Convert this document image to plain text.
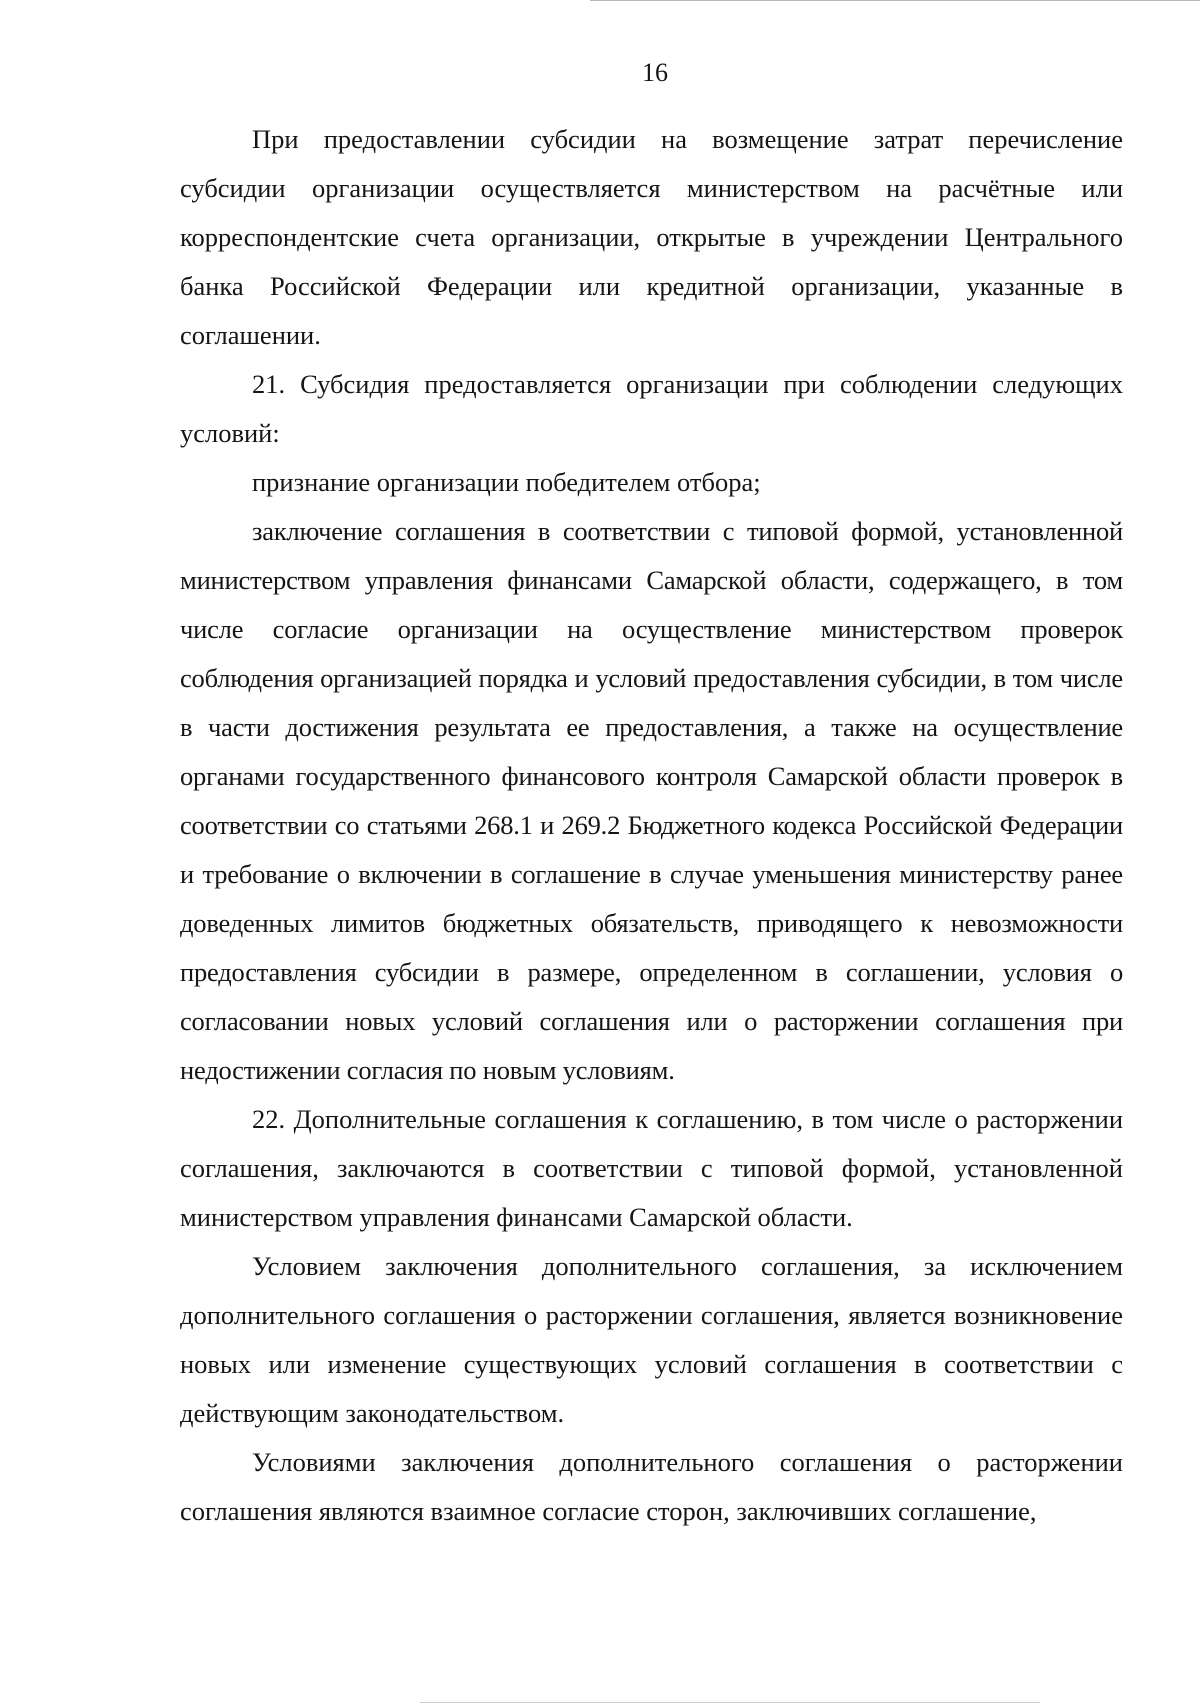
16

При предоставлении субсидии на возмещение затрат перечисление субсидии организации осуществляется министерством на расчётные или корреспондентские счета организации, открытые в учреждении Центрального банка Российской Федерации или кредитной организации, указанные в соглашении.

21. Субсидия предоставляется организации при соблюдении следующих условий:

признание организации победителем отбора;

заключение соглашения в соответствии с типовой формой, установленной министерством управления финансами Самарской области, содержащего, в том числе согласие организации на осуществление министерством проверок соблюдения организацией порядка и условий предоставления субсидии, в том числе в части достижения результата ее предоставления, а также на осуществление органами государственного финансового контроля Самарской области проверок в соответствии со статьями 268.1 и 269.2 Бюджетного кодекса Российской Федерации и требование о включении в соглашение в случае уменьшения министерству ранее доведенных лимитов бюджетных обязательств, приводящего к невозможности предоставления субсидии в размере, определенном в соглашении, условия о согласовании новых условий соглашения или о расторжении соглашения при недостижении согласия по новым условиям.

22. Дополнительные соглашения к соглашению, в том числе о расторжении соглашения, заключаются в соответствии с типовой формой, установленной министерством управления финансами Самарской области.

Условием заключения дополнительного соглашения, за исключением дополнительного соглашения о расторжении соглашения, является возникновение новых или изменение существующих условий соглашения в соответствии с действующим законодательством.

Условиями заключения дополнительного соглашения о расторжении соглашения являются взаимное согласие сторон, заключивших соглашение,
